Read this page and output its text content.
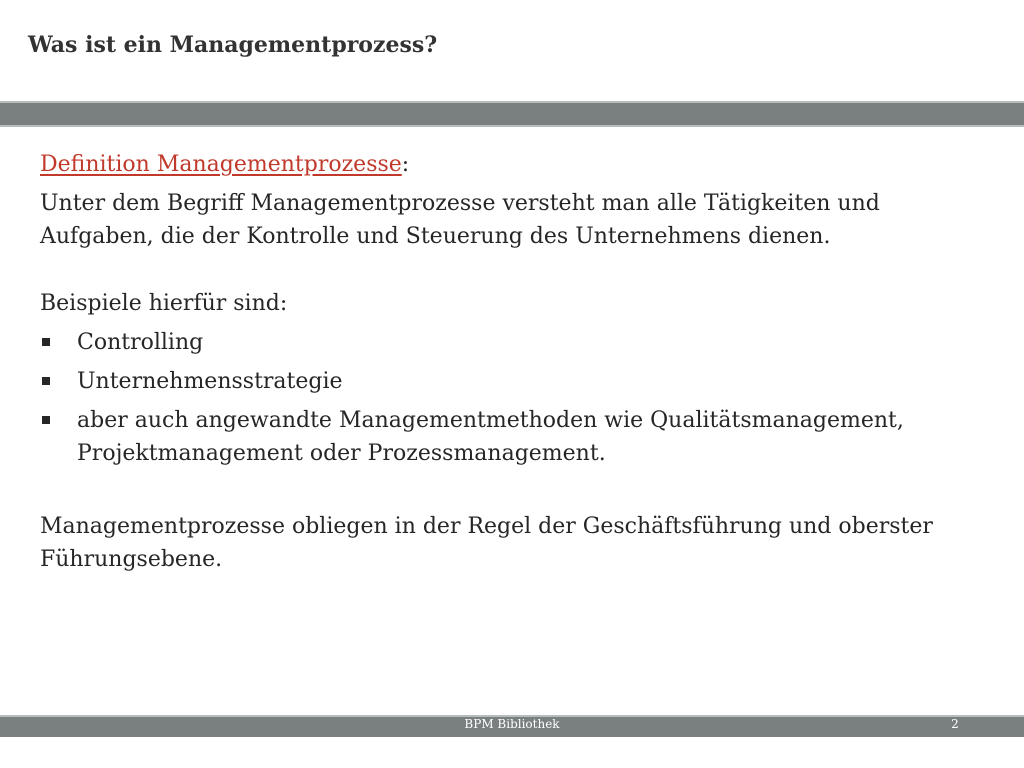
Was ist ein Managementprozess?

Definition Managementprozesse:

Unter dem Begriff Managementprozesse versteht man alle Tätigkeiten und Aufgaben, die der Kontrolle und Steuerung des Unternehmens dienen.

Beispiele hierfür sind:

Controlling
Unternehmensstrategie
aber auch angewandte Managementmethoden wie Qualitätsmanagement, Projektmanagement oder Prozessmanagement.

Managementprozesse obliegen in der Regel der Geschäftsführung und oberster Führungsebene.

BPM Bibliothek	2
